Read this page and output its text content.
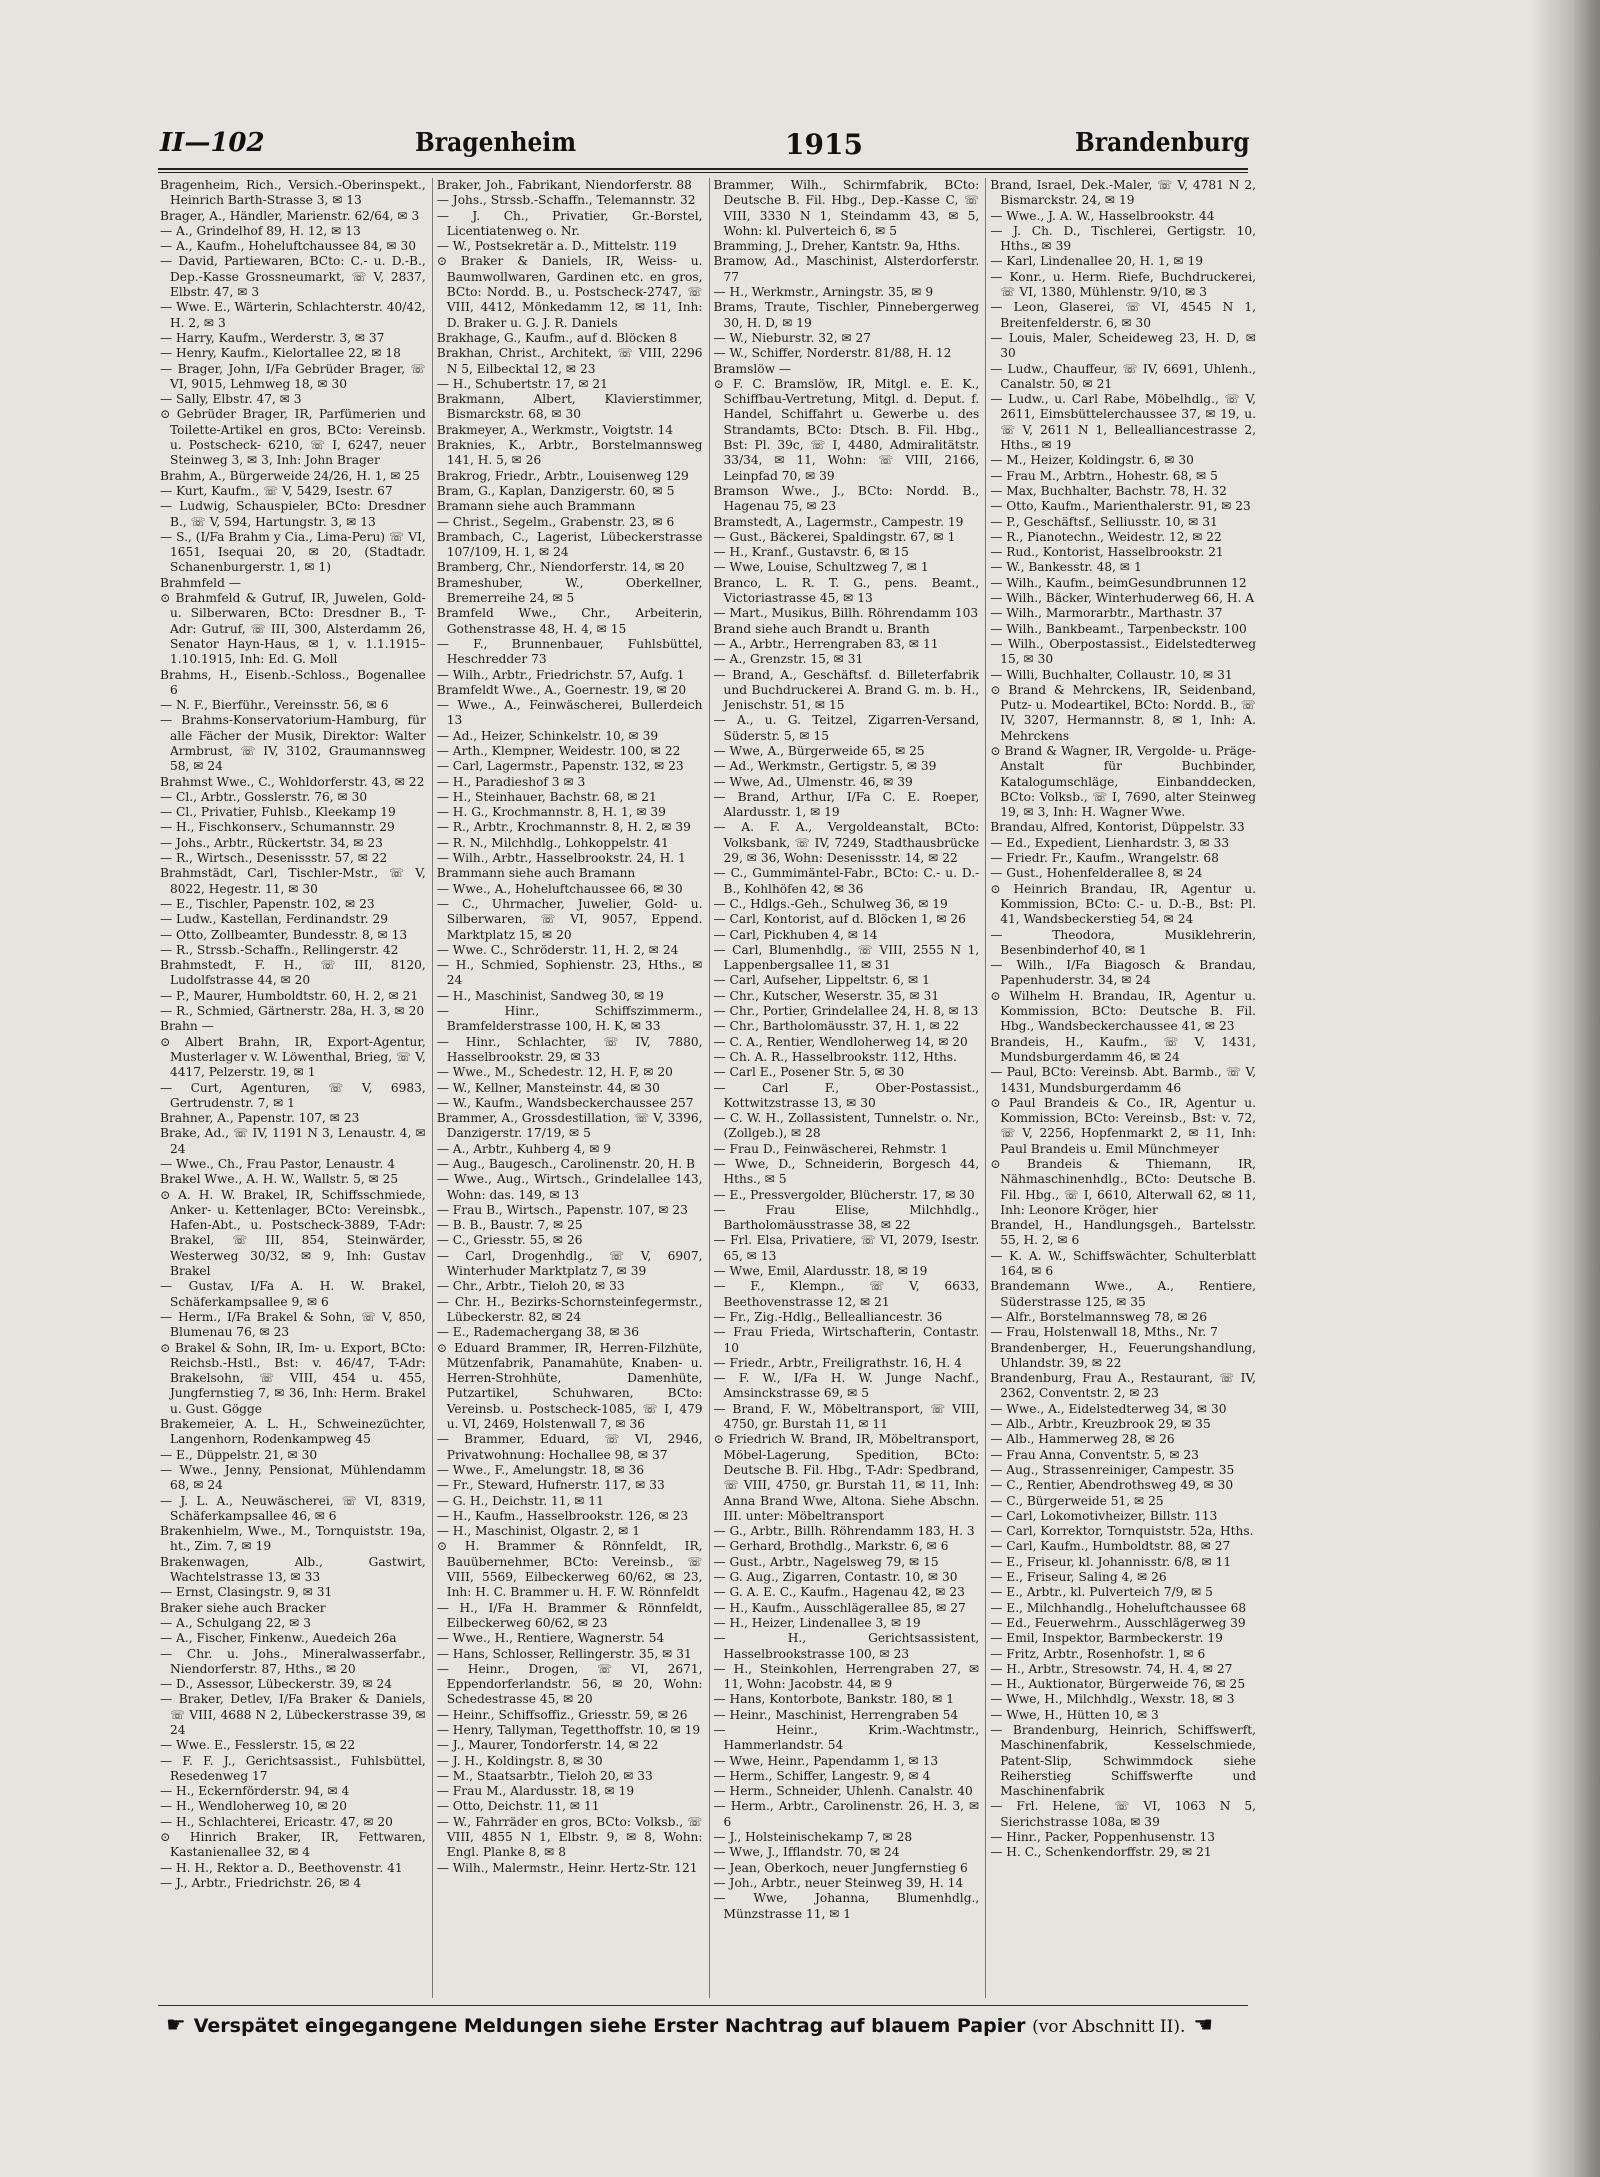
II—102	Bragenheim	1915	Brandenburg

Bragenheim, Rich., Versich.-Oberinspekt., Heinrich Barth-Strasse 3, ✉ 13

Brager, A., Händler, Marienstr. 62/64, ✉ 3

— A., Grindelhof 89, H. 12, ✉ 13

— A., Kaufm., Hoheluftchaussee 84, ✉ 30

— David, Partiewaren, BCto: C.- u. D.-B., Dep.-Kasse Grossneumarkt, ☏ V, 2837, Elbstr. 47, ✉ 3

— Wwe. E., Wärterin, Schlachterstr. 40/42, H. 2, ✉ 3

— Harry, Kaufm., Werderstr. 3, ✉ 37

— Henry, Kaufm., Kielortallee 22, ✉ 18

— Brager, John, I/Fa Gebrüder Brager, ☏ VI, 9015, Lehmweg 18, ✉ 30

— Sally, Elbstr. 47, ✉ 3

⊙ Gebrüder Brager, IR, Parfümerien und Toilette-Artikel en gros, BCto: Vereinsb. u. Postscheck- 6210, ☏ I, 6247, neuer Steinweg 3, ✉ 3, Inh: John Brager

Brahm, A., Bürgerweide 24/26, H. 1, ✉ 25

— Kurt, Kaufm., ☏ V, 5429, Isestr. 67

— Ludwig, Schauspieler, BCto: Dresdner B., ☏ V, 594, Hartungstr. 3, ✉ 13

— S., (I/Fa Brahm y Cia., Lima-Peru) ☏ VI, 1651, Isequai 20, ✉ 20, (Stadtadr. Schanenburgerstr. 1, ✉ 1)

Brahmfeld —

⊙ Brahmfeld & Gutruf, IR, Juwelen, Gold- u. Silberwaren, BCto: Dresdner B., T-Adr: Gutruf, ☏ III, 300, Alsterdamm 26, Senator Hayn-Haus, ✉ 1, v. 1.1.1915–1.10.1915, Inh: Ed. G. Moll

Brahms, H., Eisenb.-Schloss., Bogenallee 6

— N. F., Bierführ., Vereinsstr. 56, ✉ 6

— Brahms-Konservatorium-Hamburg, für alle Fächer der Musik, Direktor: Walter Armbrust, ☏ IV, 3102, Graumannsweg 58, ✉ 24

Brahmst Wwe., C., Wohldorferstr. 43, ✉ 22

— Cl., Arbtr., Gosslerstr. 76, ✉ 30

— Cl., Privatier, Fuhlsb., Kleekamp 19

— H., Fischkonserv., Schumannstr. 29

— Johs., Arbtr., Rückertstr. 34, ✉ 23

— R., Wirtsch., Desenissstr. 57, ✉ 22

Brahmstädt, Carl, Tischler-Mstr., ☏ V, 8022, Hegestr. 11, ✉ 30

— E., Tischler, Papenstr. 102, ✉ 23

— Ludw., Kastellan, Ferdinandstr. 29

— Otto, Zollbeamter, Bundesstr. 8, ✉ 13

— R., Strssb.-Schaffn., Rellingerstr. 42

Brahmstedt, F. H., ☏ III, 8120, Ludolfstrasse 44, ✉ 20

— P., Maurer, Humboldtstr. 60, H. 2, ✉ 21

— R., Schmied, Gärtnerstr. 28a, H. 3, ✉ 20

Brahn —

⊙ Albert Brahn, IR, Export-Agentur, Musterlager v. W. Löwenthal, Brieg, ☏ V, 4417, Pelzerstr. 19, ✉ 1

— Curt, Agenturen, ☏ V, 6983, Gertrudenstr. 7, ✉ 1

Brahner, A., Papenstr. 107, ✉ 23

Brake, Ad., ☏ IV, 1191 N 3, Lenaustr. 4, ✉ 24

— Wwe., Ch., Frau Pastor, Lenaustr. 4

Brakel Wwe., A. H. W., Wallstr. 5, ✉ 25

⊙ A. H. W. Brakel, IR, Schiffsschmiede, Anker- u. Kettenlager, BCto: Vereinsbk., Hafen-Abt., u. Postscheck-3889, T-Adr: Brakel, ☏ III, 854, Steinwärder, Westerweg 30/32, ✉ 9, Inh: Gustav Brakel

— Gustav, I/Fa A. H. W. Brakel, Schäferkampsallee 9, ✉ 6

— Herm., I/Fa Brakel & Sohn, ☏ V, 850, Blumenau 76, ✉ 23

⊙ Brakel & Sohn, IR, Im- u. Export, BCto: Reichsb.-Hstl., Bst: v. 46/47, T-Adr: Brakelsohn, ☏ VIII, 454 u. 455, Jungfernstieg 7, ✉ 36, Inh: Herm. Brakel u. Gust. Gögge

Brakemeier, A. L. H., Schweinezüchter, Langenhorn, Rodenkampweg 45

— E., Düppelstr. 21, ✉ 30

— Wwe., Jenny, Pensionat, Mühlendamm 68, ✉ 24

— J. L. A., Neuwäscherei, ☏ VI, 8319, Schäferkampsallee 46, ✉ 6

Brakenhielm, Wwe., M., Tornquiststr. 19a, ht., Zim. 7, ✉ 19

Brakenwagen, Alb., Gastwirt, Wachtelstrasse 13, ✉ 33

— Ernst, Clasingstr. 9, ✉ 31

Braker siehe auch Bracker

— A., Schulgang 22, ✉ 3

— A., Fischer, Finkenw., Auedeich 26a

— Chr. u. Johs., Mineralwasserfabr., Niendorferstr. 87, Hths., ✉ 20

— D., Assessor, Lübeckerstr. 39, ✉ 24

— Braker, Detlev, I/Fa Braker & Daniels, ☏ VIII, 4688 N 2, Lübeckerstrasse 39, ✉ 24

— Wwe. E., Fesslerstr. 15, ✉ 22

— F. F. J., Gerichtsassist., Fuhlsbüttel, Resedenweg 17

— H., Eckernförderstr. 94, ✉ 4

— H., Wendloherweg 10, ✉ 20

— H., Schlachterei, Ericastr. 47, ✉ 20

⊙ Hinrich Braker, IR, Fettwaren, Kastanienallee 32, ✉ 4

— H. H., Rektor a. D., Beethovenstr. 41

— J., Arbtr., Friedrichstr. 26, ✉ 4

Braker, Joh., Fabrikant, Niendorferstr. 88

— Johs., Strssb.-Schaffn., Telemannstr. 32

— J. Ch., Privatier, Gr.-Borstel, Licentiatenweg o. Nr.

— W., Postsekretär a. D., Mittelstr. 119

⊙ Braker & Daniels, IR, Weiss- u. Baumwollwaren, Gardinen etc. en gros, BCto: Nordd. B., u. Postscheck-2747, ☏ VIII, 4412, Mönkedamm 12, ✉ 11, Inh: D. Braker u. G. J. R. Daniels

Brakhage, G., Kaufm., auf d. Blöcken 8

Brakhan, Christ., Architekt, ☏ VIII, 2296 N 5, Eilbecktal 12, ✉ 23

— H., Schubertstr. 17, ✉ 21

Brakmann, Albert, Klavierstimmer, Bismarckstr. 68, ✉ 30

Brakmeyer, A., Werkmstr., Voigtstr. 14

Braknies, K., Arbtr., Borstelmannsweg 141, H. 5, ✉ 26

Brakrog, Friedr., Arbtr., Louisenweg 129

Bram, G., Kaplan, Danzigerstr. 60, ✉ 5

Bramann siehe auch Brammann

— Christ., Segelm., Grabenstr. 23, ✉ 6

Brambach, C., Lagerist, Lübeckerstrasse 107/109, H. 1, ✉ 24

Bramberg, Chr., Niendorferstr. 14, ✉ 20

Brameshuber, W., Oberkellner, Bremerreihe 24, ✉ 5

Bramfeld Wwe., Chr., Arbeiterin, Gothenstrasse 48, H. 4, ✉ 15

— F., Brunnenbauer, Fuhlsbüttel, Heschredder 73

— Wilh., Arbtr., Friedrichstr. 57, Aufg. 1

Bramfeldt Wwe., A., Goernestr. 19, ✉ 20

— Wwe., A., Feinwäscherei, Bullerdeich 13

— Ad., Heizer, Schinkelstr. 10, ✉ 39

— Arth., Klempner, Weidestr. 100, ✉ 22

— Carl, Lagermstr., Papenstr. 132, ✉ 23

— H., Paradieshof 3 ✉ 3

— H., Steinhauer, Bachstr. 68, ✉ 21

— H. G., Krochmannstr. 8, H. 1, ✉ 39

— R., Arbtr., Krochmannstr. 8, H. 2, ✉ 39

— R. N., Milchhdlg., Lohkoppelstr. 41

— Wilh., Arbtr., Hasselbrookstr. 24, H. 1

Brammann siehe auch Bramann

— Wwe., A., Hoheluftchaussee 66, ✉ 30

— C., Uhrmacher, Juwelier, Gold- u. Silberwaren, ☏ VI, 9057, Eppend. Marktplatz 15, ✉ 20

— Wwe. C., Schröderstr. 11, H. 2, ✉ 24

— H., Schmied, Sophienstr. 23, Hths., ✉ 24

— H., Maschinist, Sandweg 30, ✉ 19

— Hinr., Schiffszimmerm., Bramfelderstrasse 100, H. K, ✉ 33

— Hinr., Schlachter, ☏ IV, 7880, Hasselbrookstr. 29, ✉ 33

— Wwe., M., Schedestr. 12, H. F, ✉ 20

— W., Kellner, Mansteinstr. 44, ✉ 30

— W., Kaufm., Wandsbeckerchaussee 257

Brammer, A., Grossdestillation, ☏ V, 3396, Danzigerstr. 17/19, ✉ 5

— A., Arbtr., Kuhberg 4, ✉ 9

— Aug., Baugesch., Carolinenstr. 20, H. B

— Wwe., Aug., Wirtsch., Grindelallee 143, Wohn: das. 149, ✉ 13

— Frau B., Wirtsch., Papenstr. 107, ✉ 23

— B. B., Baustr. 7, ✉ 25

— C., Griesstr. 55, ✉ 26

— Carl, Drogenhdlg., ☏ V, 6907, Winterhuder Marktplatz 7, ✉ 39

— Chr., Arbtr., Tieloh 20, ✉ 33

— Chr. H., Bezirks-Schornsteinfegermstr., Lübeckerstr. 82, ✉ 24

— E., Rademachergang 38, ✉ 36

⊙ Eduard Brammer, IR, Herren-Filzhüte, Mützenfabrik, Panamahüte, Knaben- u. Herren-Strohhüte, Damenhüte, Putzartikel, Schuhwaren, BCto: Vereinsb. u. Postscheck-1085, ☏ I, 479 u. VI, 2469, Holstenwall 7, ✉ 36

— Brammer, Eduard, ☏ VI, 2946, Privatwohnung: Hochallee 98, ✉ 37

— Wwe., F., Amelungstr. 18, ✉ 36

— Fr., Steward, Hufnerstr. 117, ✉ 33

— G. H., Deichstr. 11, ✉ 11

— H., Kaufm., Hasselbrookstr. 126, ✉ 23

— H., Maschinist, Olgastr. 2, ✉ 1

⊙ H. Brammer & Rönnfeldt, IR, Bauübernehmer, BCto: Vereinsb., ☏ VIII, 5569, Eilbeckerweg 60/62, ✉ 23, Inh: H. C. Brammer u. H. F. W. Rönnfeldt

— H., I/Fa H. Brammer & Rönnfeldt, Eilbeckerweg 60/62, ✉ 23

— Wwe., H., Rentiere, Wagnerstr. 54

— Hans, Schlosser, Rellingerstr. 35, ✉ 31

— Heinr., Drogen, ☏ VI, 2671, Eppendorferlandstr. 56, ✉ 20, Wohn: Schedestrasse 45, ✉ 20

— Heinr., Schiffsoffiz., Griesstr. 59, ✉ 26

— Henry, Tallyman, Tegetthoffstr. 10, ✉ 19

— J., Maurer, Tondorferstr. 14, ✉ 22

— J. H., Koldingstr. 8, ✉ 30

— M., Staatsarbtr., Tieloh 20, ✉ 33

— Frau M., Alardusstr. 18, ✉ 19

— Otto, Deichstr. 11, ✉ 11

— W., Fahrräder en gros, BCto: Volksb., ☏ VIII, 4855 N 1, Elbstr. 9, ✉ 8, Wohn: Engl. Planke 8, ✉ 8

— Wilh., Malermstr., Heinr. Hertz-Str. 121

Brammer, Wilh., Schirmfabrik, BCto: Deutsche B. Fil. Hbg., Dep.-Kasse C, ☏ VIII, 3330 N 1, Steindamm 43, ✉ 5, Wohn: kl. Pulverteich 6, ✉ 5

Bramming, J., Dreher, Kantstr. 9a, Hths.

Bramow, Ad., Maschinist, Alsterdorferstr. 77

— H., Werkmstr., Arningstr. 35, ✉ 9

Brams, Traute, Tischler, Pinnebergerweg 30, H. D, ✉ 19

— W., Nieburstr. 32, ✉ 27

— W., Schiffer, Norderstr. 81/88, H. 12

Bramslöw —

⊙ F. C. Bramslöw, IR, Mitgl. e. E. K., Schiffbau-Vertretung, Mitgl. d. Deput. f. Handel, Schiffahrt u. Gewerbe u. des Strandamts, BCto: Dtsch. B. Fil. Hbg., Bst: Pl. 39c, ☏ I, 4480, Admiralitätstr. 33/34, ✉ 11, Wohn: ☏ VIII, 2166, Leinpfad 70, ✉ 39

Bramson Wwe., J., BCto: Nordd. B., Hagenau 75, ✉ 23

Bramstedt, A., Lagermstr., Campestr. 19

— Gust., Bäckerei, Spaldingstr. 67, ✉ 1

— H., Kranf., Gustavstr. 6, ✉ 15

— Wwe, Louise, Schultzweg 7, ✉ 1

Branco, L. R. T. G., pens. Beamt., Victoriastrasse 45, ✉ 13

— Mart., Musikus, Billh. Röhrendamm 103

Brand siehe auch Brandt u. Branth

— A., Arbtr., Herrengraben 83, ✉ 11

— A., Grenzstr. 15, ✉ 31

— Brand, A., Geschäftsf. d. Billeterfabrik und Buchdruckerei A. Brand G. m. b. H., Jenischstr. 51, ✉ 15

— A., u. G. Teitzel, Zigarren-Versand, Süderstr. 5, ✉ 15

— Wwe, A., Bürgerweide 65, ✉ 25

— Ad., Werkmstr., Gertigstr. 5, ✉ 39

— Wwe, Ad., Ulmenstr. 46, ✉ 39

— Brand, Arthur, I/Fa C. E. Roeper, Alardusstr. 1, ✉ 19

— A. F. A., Vergoldeanstalt, BCto: Volksbank, ☏ IV, 7249, Stadthausbrücke 29, ✉ 36, Wohn: Desenissstr. 14, ✉ 22

— C., Gummimäntel-Fabr., BCto: C.- u. D.-B., Kohlhöfen 42, ✉ 36

— C., Hdlgs.-Geh., Schulweg 36, ✉ 19

— Carl, Kontorist, auf d. Blöcken 1, ✉ 26

— Carl, Pickhuben 4, ✉ 14

— Carl, Blumenhdlg., ☏ VIII, 2555 N 1, Lappenbergsallee 11, ✉ 31

— Carl, Aufseher, Lippeltstr. 6, ✉ 1

— Chr., Kutscher, Weserstr. 35, ✉ 31

— Chr., Portier, Grindelallee 24, H. 8, ✉ 13

— Chr., Bartholomäusstr. 37, H. 1, ✉ 22

— C. A., Rentier, Wendloherweg 14, ✉ 20

— Ch. A. R., Hasselbrookstr. 112, Hths.

— Carl E., Posener Str. 5, ✉ 30

— Carl F., Ober-Postassist., Kottwitzstrasse 13, ✉ 30

— C. W. H., Zollassistent, Tunnelstr. o. Nr., (Zollgeb.), ✉ 28

— Frau D., Feinwäscherei, Rehmstr. 1

— Wwe, D., Schneiderin, Borgesch 44, Hths., ✉ 5

— E., Pressvergolder, Blücherstr. 17, ✉ 30

— Frau Elise, Milchhdlg., Bartholomäusstrasse 38, ✉ 22

— Frl. Elsa, Privatiere, ☏ VI, 2079, Isestr. 65, ✉ 13

— Wwe, Emil, Alardusstr. 18, ✉ 19

— F., Klempn., ☏ V, 6633, Beethovenstrasse 12, ✉ 21

— Fr., Zig.-Hdlg., Bellealliancestr. 36

— Frau Frieda, Wirtschafterin, Contastr. 10

— Friedr., Arbtr., Freiligrathstr. 16, H. 4

— F. W., I/Fa H. W. Junge Nachf., Amsinckstrasse 69, ✉ 5

— Brand, F. W., Möbeltransport, ☏ VIII, 4750, gr. Burstah 11, ✉ 11

⊙ Friedrich W. Brand, IR, Möbeltransport, Möbel-Lagerung, Spedition, BCto: Deutsche B. Fil. Hbg., T-Adr: Spedbrand, ☏ VIII, 4750, gr. Burstah 11, ✉ 11, Inh: Anna Brand Wwe, Altona. Siehe Abschn. III. unter: Möbeltransport

— G., Arbtr., Billh. Röhrendamm 183, H. 3

— Gerhard, Brothdlg., Markstr. 6, ✉ 6

— Gust., Arbtr., Nagelsweg 79, ✉ 15

— G. Aug., Zigarren, Contastr. 10, ✉ 30

— G. A. E. C., Kaufm., Hagenau 42, ✉ 23

— H., Kaufm., Ausschlägerallee 85, ✉ 27

— H., Heizer, Lindenallee 3, ✉ 19

— H., Gerichtsassistent, Hasselbrookstrasse 100, ✉ 23

— H., Steinkohlen, Herrengraben 27, ✉ 11, Wohn: Jacobstr. 44, ✉ 9

— Hans, Kontorbote, Bankstr. 180, ✉ 1

— Heinr., Maschinist, Herrengraben 54

— Heinr., Krim.-Wachtmstr., Hammerlandstr. 54

— Wwe, Heinr., Papendamm 1, ✉ 13

— Herm., Schiffer, Langestr. 9, ✉ 4

— Herm., Schneider, Uhlenh. Canalstr. 40

— Herm., Arbtr., Carolinenstr. 26, H. 3, ✉ 6

— J., Holsteinischekamp 7, ✉ 28

— Wwe, J., Ifflandstr. 70, ✉ 24

— Jean, Oberkoch, neuer Jungfernstieg 6

— Joh., Arbtr., neuer Steinweg 39, H. 14

— Wwe, Johanna, Blumenhdlg., Münzstrasse 11, ✉ 1

Brand, Israel, Dek.-Maler, ☏ V, 4781 N 2, Bismarckstr. 24, ✉ 19

— Wwe., J. A. W., Hasselbrookstr. 44

— J. Ch. D., Tischlerei, Gertigstr. 10, Hths., ✉ 39

— Karl, Lindenallee 20, H. 1, ✉ 19

— Konr., u. Herm. Riefe, Buchdruckerei, ☏ VI, 1380, Mühlenstr. 9/10, ✉ 3

— Leon, Glaserei, ☏ VI, 4545 N 1, Breitenfelderstr. 6, ✉ 30

— Louis, Maler, Scheideweg 23, H. D, ✉ 30

— Ludw., Chauffeur, ☏ IV, 6691, Uhlenh., Canalstr. 50, ✉ 21

— Ludw., u. Carl Rabe, Möbelhdlg., ☏ V, 2611, Eimsbüttelerchaussee 37, ✉ 19, u. ☏ V, 2611 N 1, Bellealliancestrasse 2, Hths., ✉ 19

— M., Heizer, Koldingstr. 6, ✉ 30

— Frau M., Arbtrn., Hohestr. 68, ✉ 5

— Max, Buchhalter, Bachstr. 78, H. 32

— Otto, Kaufm., Marienthalerstr. 91, ✉ 23

— P., Geschäftsf., Selliusstr. 10, ✉ 31

— R., Pianotechn., Weidestr. 12, ✉ 22

— Rud., Kontorist, Hasselbrookstr. 21

— W., Bankesstr. 48, ✉ 1

— Wilh., Kaufm., beimGesundbrunnen 12

— Wilh., Bäcker, Winterhuderweg 66, H. A

— Wilh., Marmorarbtr., Marthastr. 37

— Wilh., Bankbeamt., Tarpenbeckstr. 100

— Wilh., Oberpostassist., Eidelstedterweg 15, ✉ 30

— Willi, Buchhalter, Collaustr. 10, ✉ 31

⊙ Brand & Mehrckens, IR, Seidenband, Putz- u. Modeartikel, BCto: Nordd. B., ☏ IV, 3207, Hermannstr. 8, ✉ 1, Inh: A. Mehrckens

⊙ Brand & Wagner, IR, Vergolde- u. Präge-Anstalt für Buchbinder, Katalogumschläge, Einbanddecken, BCto: Volksb., ☏ I, 7690, alter Steinweg 19, ✉ 3, Inh: H. Wagner Wwe.

Brandau, Alfred, Kontorist, Düppelstr. 33

— Ed., Expedient, Lienhardstr. 3, ✉ 33

— Friedr. Fr., Kaufm., Wrangelstr. 68

— Gust., Hohenfelderallee 8, ✉ 24

⊙ Heinrich Brandau, IR, Agentur u. Kommission, BCto: C.- u. D.-B., Bst: Pl. 41, Wandsbeckerstieg 54, ✉ 24

— Theodora, Musiklehrerin, Besenbinderhof 40, ✉ 1

— Wilh., I/Fa Biagosch & Brandau, Papenhuderstr. 34, ✉ 24

⊙ Wilhelm H. Brandau, IR, Agentur u. Kommission, BCto: Deutsche B. Fil. Hbg., Wandsbeckerchaussee 41, ✉ 23

Brandeis, H., Kaufm., ☏ V, 1431, Mundsburgerdamm 46, ✉ 24

— Paul, BCto: Vereinsb. Abt. Barmb., ☏ V, 1431, Mundsburgerdamm 46

⊙ Paul Brandeis & Co., IR, Agentur u. Kommission, BCto: Vereinsb., Bst: v. 72, ☏ V, 2256, Hopfenmarkt 2, ✉ 11, Inh: Paul Brandeis u. Emil Münchmeyer

⊙ Brandeis & Thiemann, IR, Nähmaschinenhdlg., BCto: Deutsche B. Fil. Hbg., ☏ I, 6610, Alterwall 62, ✉ 11, Inh: Leonore Kröger, hier

Brandel, H., Handlungsgeh., Bartelsstr. 55, H. 2, ✉ 6

— K. A. W., Schiffswächter, Schulterblatt 164, ✉ 6

Brandemann Wwe., A., Rentiere, Süderstrasse 125, ✉ 35

— Alfr., Borstelmannsweg 78, ✉ 26

— Frau, Holstenwall 18, Mths., Nr. 7

Brandenberger, H., Feuerungshandlung, Uhlandstr. 39, ✉ 22

Brandenburg, Frau A., Restaurant, ☏ IV, 2362, Conventstr. 2, ✉ 23

— Wwe., A., Eidelstedterweg 34, ✉ 30

— Alb., Arbtr., Kreuzbrook 29, ✉ 35

— Alb., Hammerweg 28, ✉ 26

— Frau Anna, Conventstr. 5, ✉ 23

— Aug., Strassenreiniger, Campestr. 35

— C., Rentier, Abendrothsweg 49, ✉ 30

— C., Bürgerweide 51, ✉ 25

— Carl, Lokomotivheizer, Billstr. 113

— Carl, Korrektor, Tornquiststr. 52a, Hths.

— Carl, Kaufm., Humboldtstr. 88, ✉ 27

— E., Friseur, kl. Johannisstr. 6/8, ✉ 11

— E., Friseur, Saling 4, ✉ 26

— E., Arbtr., kl. Pulverteich 7/9, ✉ 5

— E., Milchhandlg., Hoheluftchaussee 68

— Ed., Feuerwehrm., Ausschlägerweg 39

— Emil, Inspektor, Barmbeckerstr. 19

— Fritz, Arbtr., Rosenhofstr. 1, ✉ 6

— H., Arbtr., Stresowstr. 74, H. 4, ✉ 27

— H., Auktionator, Bürgerweide 76, ✉ 25

— Wwe, H., Milchhdlg., Wexstr. 18, ✉ 3

— Wwe, H., Hütten 10, ✉ 3

— Brandenburg, Heinrich, Schiffswerft, Maschinenfabrik, Kesselschmiede, Patent-Slip, Schwimmdock siehe Reiherstieg Schiffswerfte und Maschinenfabrik

— Frl. Helene, ☏ VI, 1063 N 5, Sierichstrasse 108a, ✉ 39

— Hinr., Packer, Poppenhusenstr. 13

— H. C., Schenkendorffstr. 29, ✉ 21

☛ Verspätet eingegangene Meldungen siehe Erster Nachtrag auf blauem Papier (vor Abschnitt II). ☚
